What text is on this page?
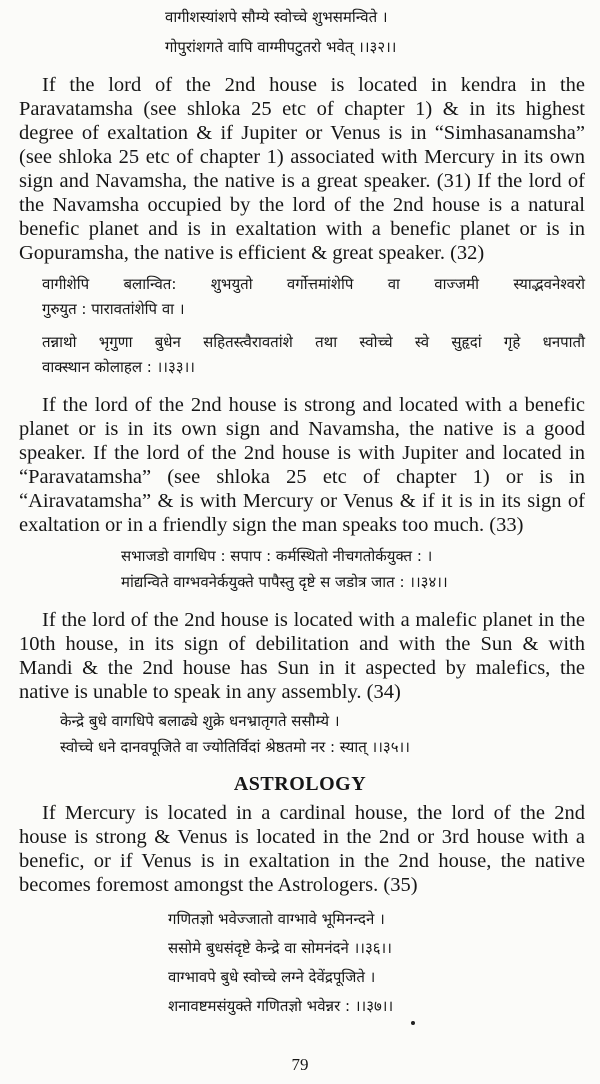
वागीशस्यांशपे सौम्ये स्वोच्चे शुभसमन्विते ।
गोपुरांशगते वापि वाग्मीपटुतरो भवेत् ।।३२।।
If the lord of the 2nd house is located in kendra in the
Paravatamsha (see shloka 25 etc of chapter 1) & in its highest
degree of exaltation & if Jupiter or Venus is in “Simhasanamsha”
(see shloka 25 etc of chapter 1) associated with Mercury in its own
sign and Navamsha, the native is a great speaker. (31) If the lord of
the Navamsha occupied by the lord of the 2nd house is a natural
benefic planet and is in exaltation with a benefic planet or is in
Gopuramsha, the native is efficient & great speaker. (32)
वागीशेपि बलान्वित: शुभयुतो वर्गोत्तमांशेपि वा वाज्जमी स्याद्भवनेश्वरो
गुरुयुत : पारावतांशेपि वा ।
तन्नाथो भृगुणा बुधेन सहितस्त्वैरावतांशे तथा स्वोच्चे स्वे सुहृदां गृहे धनपातौ
वाक्स्थान कोलाहल : ।।३३।।
If the lord of the 2nd house is strong and located with a benefic
planet or is in its own sign and Navamsha, the native is a good
speaker. If the lord of the 2nd house is with Jupiter and located in
“Paravatamsha” (see shloka 25 etc of chapter 1) or is in
“Airavatamsha” & is with Mercury or Venus & if it is in its sign of
exaltation or in a friendly sign the man speaks too much. (33)
सभाजडो वागधिप : सपाप : कर्मस्थितो नीचगतोर्कयुक्त : ।
मांद्यन्विते वाग्भवनेर्कयुक्ते पापैस्तु दृष्टे स जडोत्र जात : ।।३४।।
If the lord of the 2nd house is located with a malefic planet in the
10th house, in its sign of debilitation and with the Sun & with
Mandi & the 2nd house has Sun in it aspected by malefics, the
native is unable to speak in any assembly. (34)
केन्द्रे बुधे वागधिपे बलाढ्ये शुक्रे धनभ्रातृगते ससौम्ये ।
स्वोच्चे धने दानवपूजिते वा ज्योतिर्विदां श्रेष्ठतमो नर : स्यात् ।।३५।।
ASTROLOGY
If Mercury is located in a cardinal house, the lord of the 2nd
house is strong & Venus is located in the 2nd or 3rd house with a
benefic, or if Venus is in exaltation in the 2nd house, the native
becomes foremost amongst the Astrologers. (35)
गणितज्ञो भवेज्जातो वाग्भावे भूमिनन्दने ।
ससोमे बुधसंदृष्टे केन्द्रे वा सोमनंदने ।।३६।।
वाग्भावपे बुधे स्वोच्चे लग्ने देवेंद्रपूजिते ।
शनावष्टमसंयुक्ते गणितज्ञो भवेन्नर : ।।३७।।
79
